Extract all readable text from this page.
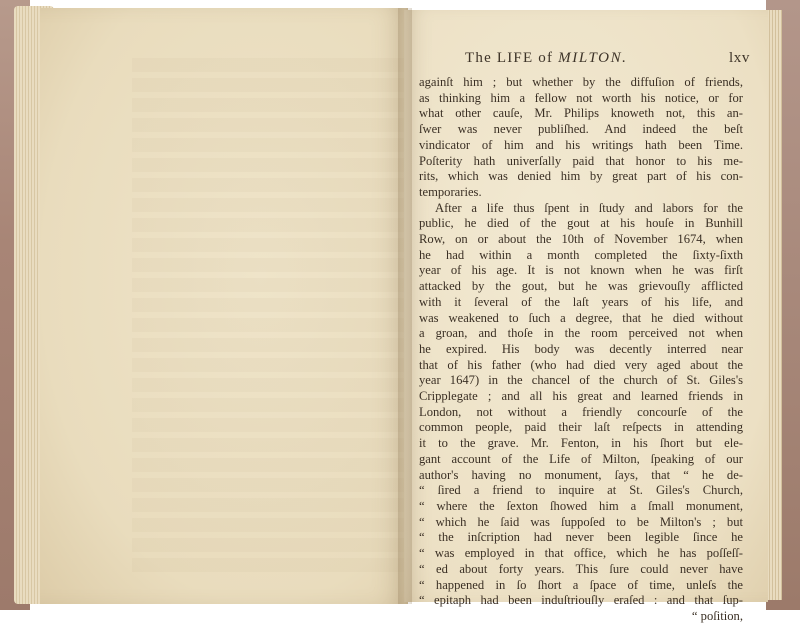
The LIFE of MILTON.	lxv
againſt him ; but whether by the diffuſion of friends,
as thinking him a fellow not worth his notice, or for
what other cauſe, Mr. Philips knoweth not, this an-
ſwer was never publiſhed. And indeed the beſt
vindicator of him and his writings hath been Time.
Poſterity hath univerſally paid that honor to his me-
rits, which was denied him by great part of his con-
temporaries.
After a life thus ſpent in ſtudy and labors for the
public, he died of the gout at his houſe in Bunhill
Row, on or about the 10th of November 1674, when
he had within a month completed the ſixty-ſixth
year of his age. It is not known when he was firſt
attacked by the gout, but he was grievouſly afflicted
with it ſeveral of the laſt years of his life, and
was weakened to ſuch a degree, that he died without
a groan, and thoſe in the room perceived not when
he expired. His body was decently interred near
that of his father (who had died very aged about the
year 1647) in the chancel of the church of St. Giles's
Cripplegate ; and all his great and learned friends in
London, not without a friendly concourſe of the
common people, paid their laſt reſpects in attending
it to the grave. Mr. Fenton, in his ſhort but ele-
gant account of the Life of Milton, ſpeaking of our
author's having no monument, ſays, that “ he de-
“ ſired a friend to inquire at St. Giles's Church,
“ where the ſexton ſhowed him a ſmall monument,
“ which he ſaid was ſuppoſed to be Milton's ; but
“ the inſcription had never been legible ſince he
“ was employed in that office, which he has poſſeſſ-
“ ed about forty years. This ſure could never have
“ happened in ſo ſhort a ſpace of time, unleſs the
“ epitaph had been induſtriouſly eraſed : and that ſup-
“ poſition,
